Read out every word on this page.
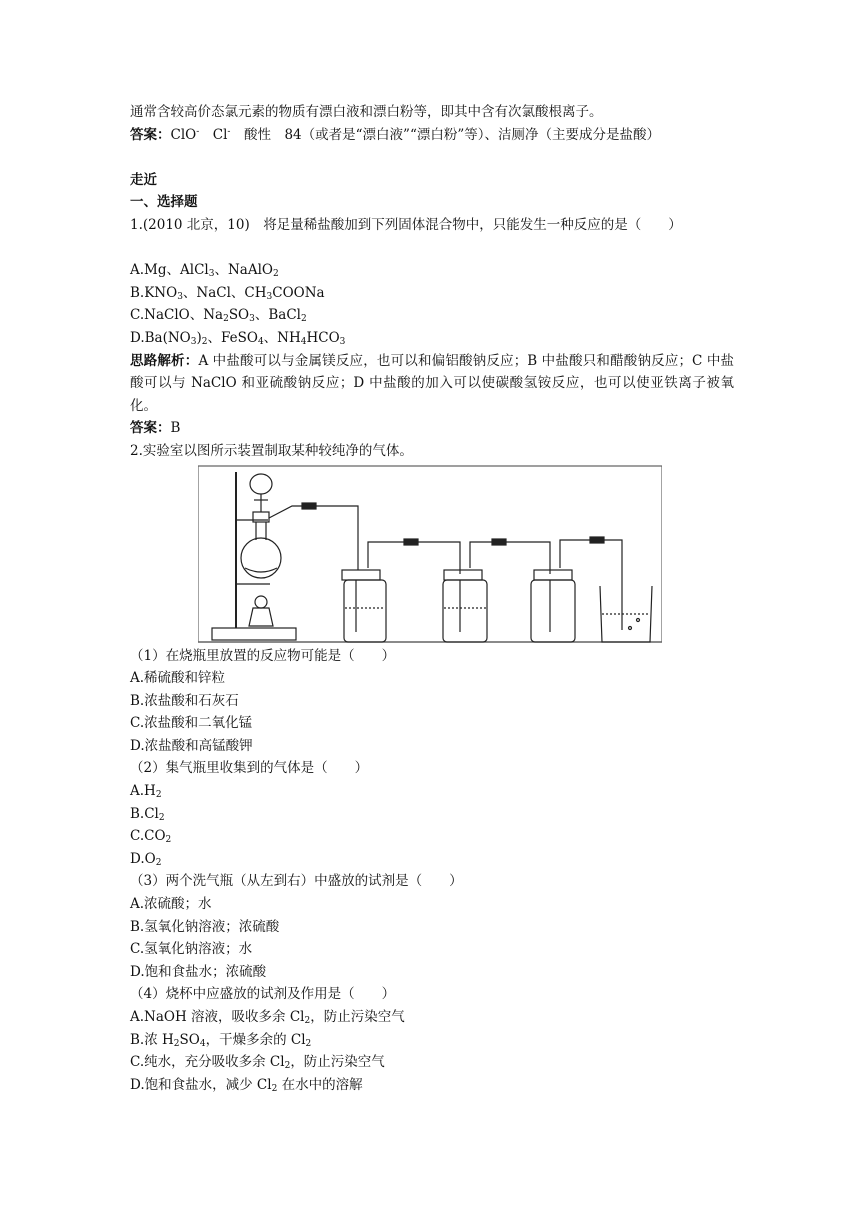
通常含较高价态氯元素的物质有漂白液和漂白粉等，即其中含有次氯酸根离子。
答案：ClO-　 Cl-　 酸性　84（或者是“漂白液”“漂白粉”等）、洁厕净（主要成分是盐酸）
走近
一、选择题
1.(2010 北京，10)　将足量稀盐酸加到下列固体混合物中，只能发生一种反应的是（　　）
A.Mg、AlCl$_3$、NaAlO$_2$
$B.KNO_3$、NaCl、$CH_3COONa$
C.NaClO、$Na_2SO_3$、BaCl$_2$
$D.Ba(NO_3)_2$、FeSO$_4$、$NH_4HCO_3$
思路解析：A 中盐酸可以与金属镁反应，也可以和偏铝酸钠反应；B 中盐酸只和醋酸钠反应；C 中盐酸可以与 NaClO 和亚硫酸钠反应；D 中盐酸的加入可以使碳酸氢铵反应，也可以使亚铁离子被氧化。
答案：B
2.实验室以图所示装置制取某种较纯净的气体。
（1）在烧瓶里放置的反应物可能是（　　）
A.稀硫酸和锌粒
B.浓盐酸和石灰石
C.浓盐酸和二氧化锰
D.浓盐酸和高锰酸钾
（2）集气瓶里收集到的气体是（　　）
$A.H_2$
$B.Cl_2$
$C.CO_2$
$D.O_2$
（3）两个洗气瓶（从左到右）中盛放的试剂是（　　）
A.浓硫酸；水
B.氢氧化钠溶液；浓硫酸
C.氢氧化钠溶液；水
D.饱和食盐水；浓硫酸
（4）烧杯中应盛放的试剂及作用是（　　）
A.NaOH 溶液，吸收多余 $Cl_2$，防止污染空气
B.浓 $H_2SO_4$，干燥多余的 $Cl_2$
C.纯水，充分吸收多余 $Cl_2$，防止污染空气
D.饱和食盐水，减少 $Cl_2$ 在水中的溶解
